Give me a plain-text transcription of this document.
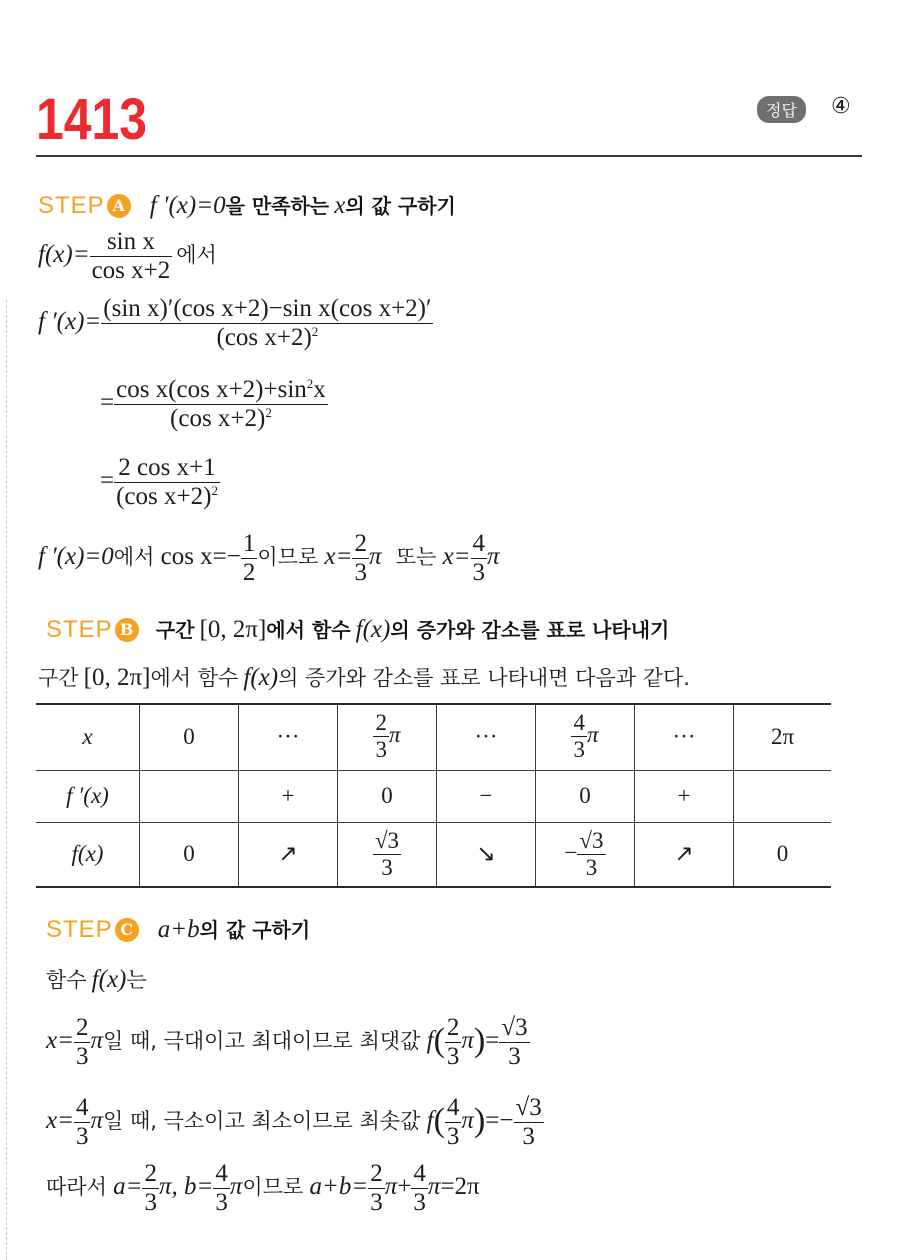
1413	정답	④
STEP A f ′(x)=0을 만족하는 x의 값 구하기
$f(x)= \frac{\text{sin x}}{\text{cos x+2}}$ 에서
f $'(x)= \frac{\text{(sin x)′(cos x+2)−sin x(cos x+2)′}}{(\cos x+2)^2}$
= $\frac{\cos x(\cos x+2)+\sin^2x}{(\cos x+2)^2}$
= $\frac{\text{2 cos x+1}}{(\cos x+2)^2}$
f ′(x)=0에서 $\cos x=- \frac{1}{2}$ 이므로 $x= \frac{2}{3}$ π 또는 $x= \frac{4}{3}$ π
STEP B 구간 [0, 2π]에서 함수 f(x)의 증가와 감소를 표로 나타내기
구간 [0, 2π]에서 함수 f(x)의 증가와 감소를 표로 나타내면 다음과 같다.
x	0	···	$\frac{2}{3}$ π	···	$\frac{4}{3}$ π	···	2π
f ′(x)		+	0	−	0	+	
f(x)	0	↗	$\frac{√3}{3}$	↘	− $\frac{√3}{3}$	↗	0
STEP C a+b의 값 구하기
함수 f(x)는
$x= \frac{2}{3}$ π일 때, 극대이고 최대이므로 최댓값 $f( \frac{2}{3} \pi)= \frac{√3}{3}$
$x= \frac{4}{3}$ π일 때, 극소이고 최소이므로 최솟값 $f( \frac{4}{3} \pi)=- \frac{√3}{3}$
따라서 $a= \frac{2}{3} \pi$, $b= \frac{4}{3}$ π이므로 $a+b= \frac{2}{3} \pi+ \frac{4}{3} \pi=2\pi$
